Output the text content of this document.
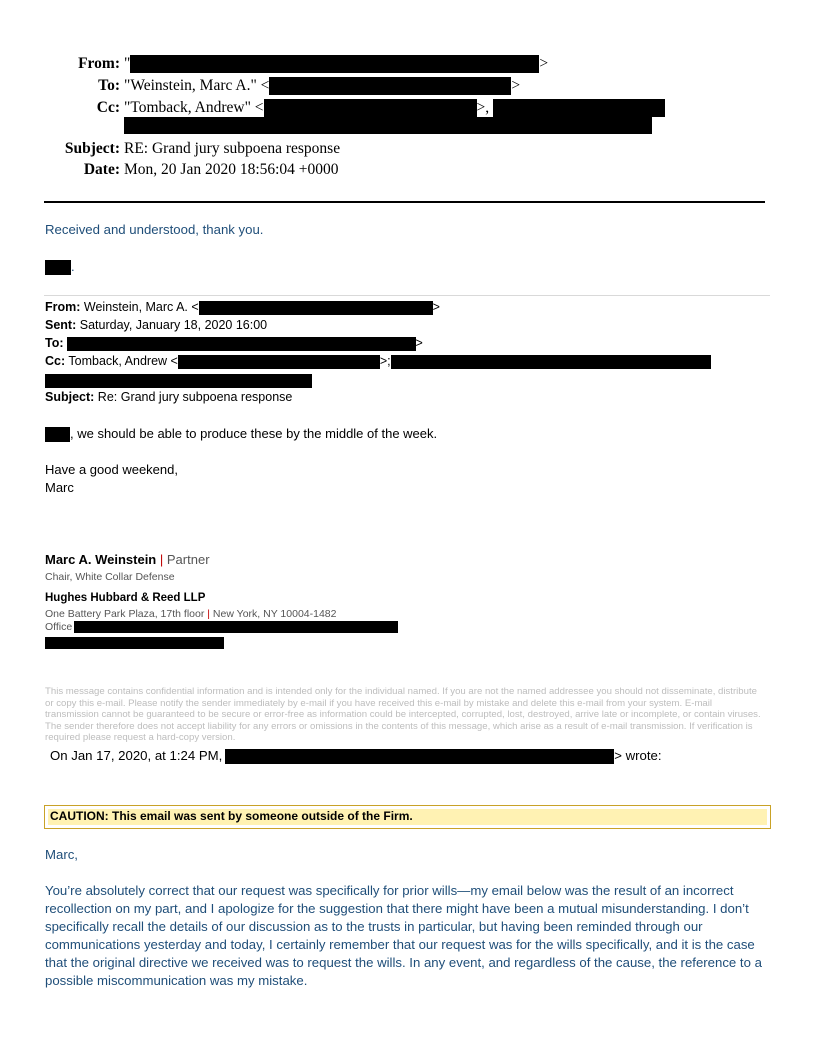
From: "	>
To: "Weinstein, Marc A." <	>
Cc: "Tomback, Andrew" <	>,
Subject: RE: Grand jury subpoena response
Date: Mon, 20 Jan 2020 18:56:04 +0000
Received and understood, thank you.
.
From: Weinstein, Marc A. <	>
Sent: Saturday, January 18, 2020 16:00
To:	>
Cc: Tomback, Andrew <	>;
Subject: Re: Grand jury subpoena response
, we should be able to produce these by the middle of the week.
Have a good weekend,
Marc
Marc A. Weinstein | Partner
Chair, White Collar Defense
Hughes Hubbard & Reed LLP
One Battery Park Plaza, 17th floor | New York, NY 10004-1482
Office
This message contains confidential information and is intended only for the individual named. If you are not the named addressee you should not disseminate, distribute or copy this e-mail. Please notify the sender immediately by e-mail if you have received this e-mail by mistake and delete this e-mail from your system. E-mail transmission cannot be guaranteed to be secure or error-free as information could be intercepted, corrupted, lost, destroyed, arrive late or incomplete, or contain viruses. The sender therefore does not accept liability for any errors or omissions in the contents of this message, which arise as a result of e-mail transmission. If verification is required please request a hard-copy version.
On Jan 17, 2020, at 1:24 PM,	> wrote:
CAUTION: This email was sent by someone outside of the Firm.
Marc,
You’re absolutely correct that our request was specifically for prior wills—my email below was the result of an incorrect recollection on my part, and I apologize for the suggestion that there might have been a mutual misunderstanding. I don’t specifically recall the details of our discussion as to the trusts in particular, but having been reminded through our communications yesterday and today, I certainly remember that our request was for the wills specifically, and it is the case that the original directive we received was to request the wills. In any event, and regardless of the cause, the reference to a possible miscommunication was my mistake.
